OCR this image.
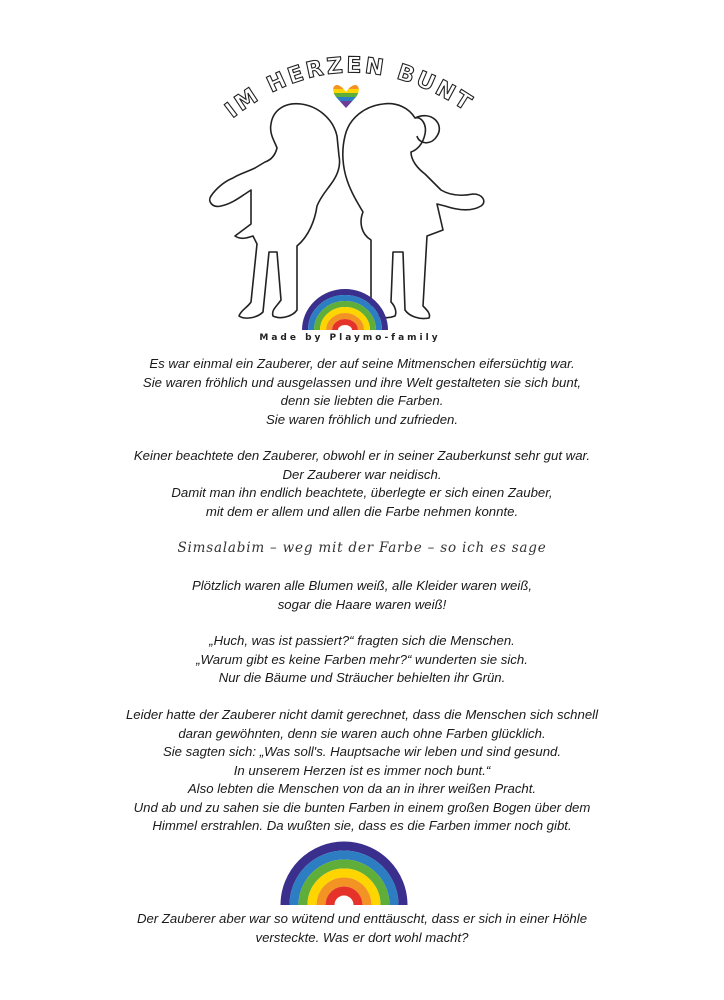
IM HERZEN BUNT
Made by Playmo-family

Es war einmal ein Zauberer, der auf seine Mitmenschen eifersüchtig war.

Sie waren fröhlich und ausgelassen und ihre Welt gestalteten sie sich bunt,

denn sie liebten die Farben.

Sie waren fröhlich und zufrieden.

Keiner beachtete den Zauberer, obwohl er in seiner Zauberkunst sehr gut war.

Der Zauberer war neidisch.

Damit man ihn endlich beachtete, überlegte er sich einen Zauber,

mit dem er allem und allen die Farbe nehmen konnte.

Simsalabim – weg mit der Farbe – so ich es sage

Plötzlich waren alle Blumen weiß, alle Kleider waren weiß,

sogar die Haare waren weiß!

„Huch, was ist passiert?“ fragten sich die Menschen.

„Warum gibt es keine Farben mehr?“ wunderten sie sich.

Nur die Bäume und Sträucher behielten ihr Grün.

Leider hatte der Zauberer nicht damit gerechnet, dass die Menschen sich schnell

daran gewöhnten, denn sie waren auch ohne Farben glücklich.

Sie sagten sich: „Was soll's. Hauptsache wir leben und sind gesund.

In unserem Herzen ist es immer noch bunt.“

Also lebten die Menschen von da an in ihrer weißen Pracht.

Und ab und zu sahen sie die bunten Farben in einem großen Bogen über dem

Himmel erstrahlen. Da wußten sie, dass es die Farben immer noch gibt.

Der Zauberer aber war so wütend und enttäuscht, dass er sich in einer Höhle

versteckte. Was er dort wohl macht?
